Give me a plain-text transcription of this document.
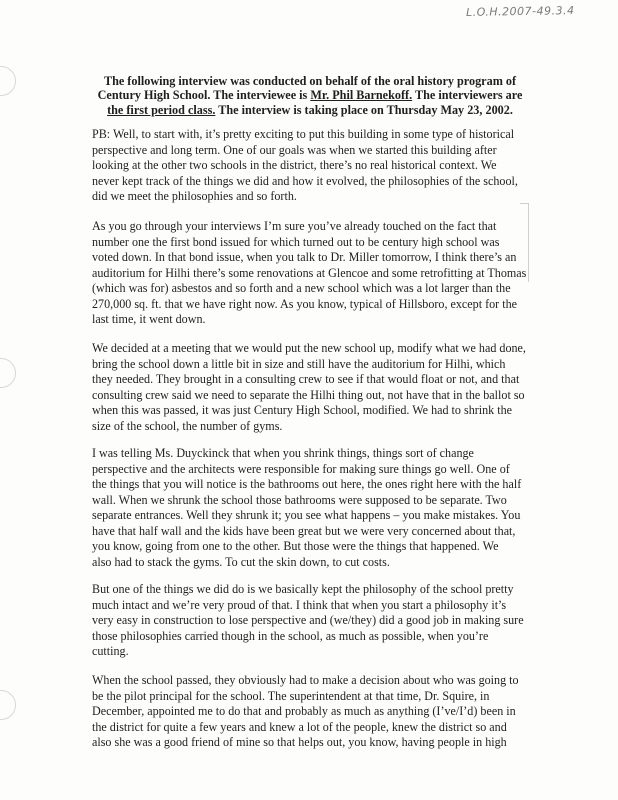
L.O.H.2007-49.3.4

The following interview was conducted on behalf of the oral history program of Century High School. The interviewee is Mr. Phil Barnekoff. The interviewers are the first period class. The interview is taking place on Thursday May 23, 2002.
PB: Well, to start with, it’s pretty exciting to put this building in some type of historical
perspective and long term. One of our goals was when we started this building after
looking at the other two schools in the district, there’s no real historical context. We
never kept track of the things we did and how it evolved, the philosophies of the school,
did we meet the philosophies and so forth.
As you go through your interviews I’m sure you’ve already touched on the fact that
number one the first bond issued for which turned out to be century high school was
voted down. In that bond issue, when you talk to Dr. Miller tomorrow, I think there’s an
auditorium for Hilhi there’s some renovations at Glencoe and some retrofitting at Thomas
(which was for) asbestos and so forth and a new school which was a lot larger than the
270,000 sq. ft. that we have right now. As you know, typical of Hillsboro, except for the
last time, it went down.
We decided at a meeting that we would put the new school up, modify what we had done,
bring the school down a little bit in size and still have the auditorium for Hilhi, which
they needed. They brought in a consulting crew to see if that would float or not, and that
consulting crew said we need to separate the Hilhi thing out, not have that in the ballot so
when this was passed, it was just Century High School, modified. We had to shrink the
size of the school, the number of gyms.
I was telling Ms. Duyckinck that when you shrink things, things sort of change
perspective and the architects were responsible for making sure things go well. One of
the things that you will notice is the bathrooms out here, the ones right here with the half
wall. When we shrunk the school those bathrooms were supposed to be separate. Two
separate entrances. Well they shrunk it; you see what happens – you make mistakes. You
have that half wall and the kids have been great but we were very concerned about that,
you know, going from one to the other. But those were the things that happened. We
also had to stack the gyms. To cut the skin down, to cut costs.
But one of the things we did do is we basically kept the philosophy of the school pretty
much intact and we’re very proud of that. I think that when you start a philosophy it’s
very easy in construction to lose perspective and (we/they) did a good job in making sure
those philosophies carried though in the school, as much as possible, when you’re
cutting.
When the school passed, they obviously had to make a decision about who was going to
be the pilot principal for the school. The superintendent at that time, Dr. Squire, in
December, appointed me to do that and probably as much as anything (I’ve/I’d) been in
the district for quite a few years and knew a lot of the people, knew the district so and
also she was a good friend of mine so that helps out, you know, having people in high
